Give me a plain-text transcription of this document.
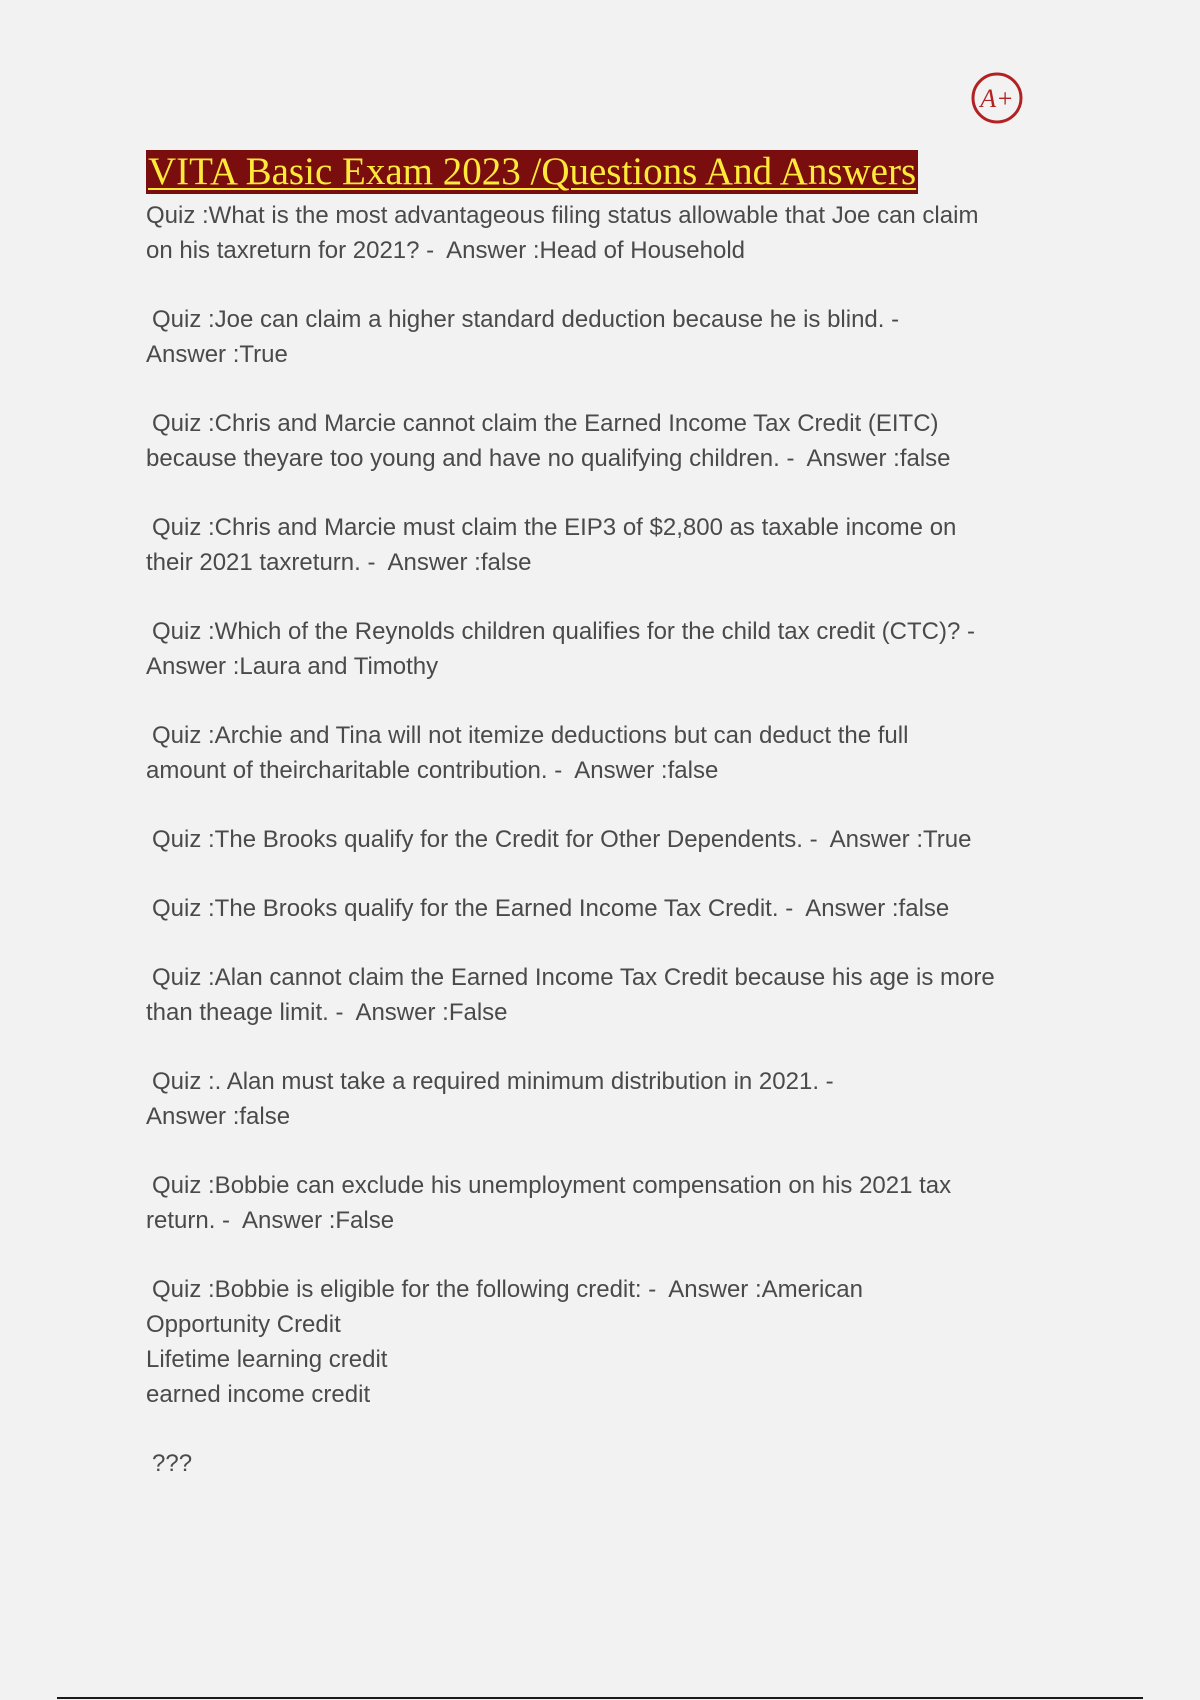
A+
VITA Basic Exam 2023 /Questions And Answers
Quiz :What is the most advantageous filing status allowable that Joe can claim
on his taxreturn for 2021? -  Answer :Head of Household
Quiz :Joe can claim a higher standard deduction because he is blind. -
Answer :True
Quiz :Chris and Marcie cannot claim the Earned Income Tax Credit (EITC)
because theyare too young and have no qualifying children. -  Answer :false
Quiz :Chris and Marcie must claim the EIP3 of $2,800 as taxable income on
their 2021 taxreturn. -  Answer :false
Quiz :Which of the Reynolds children qualifies for the child tax credit (CTC)? -
Answer :Laura and Timothy
Quiz :Archie and Tina will not itemize deductions but can deduct the full
amount of theircharitable contribution. -  Answer :false
Quiz :The Brooks qualify for the Credit for Other Dependents. -  Answer :True
Quiz :The Brooks qualify for the Earned Income Tax Credit. -  Answer :false
Quiz :Alan cannot claim the Earned Income Tax Credit because his age is more
than theage limit. -  Answer :False
Quiz :. Alan must take a required minimum distribution in 2021. -
Answer :false
Quiz :Bobbie can exclude his unemployment compensation on his 2021 tax
return. -  Answer :False
Quiz :Bobbie is eligible for the following credit: -  Answer :American
Opportunity Credit
Lifetime learning credit
earned income credit
???
